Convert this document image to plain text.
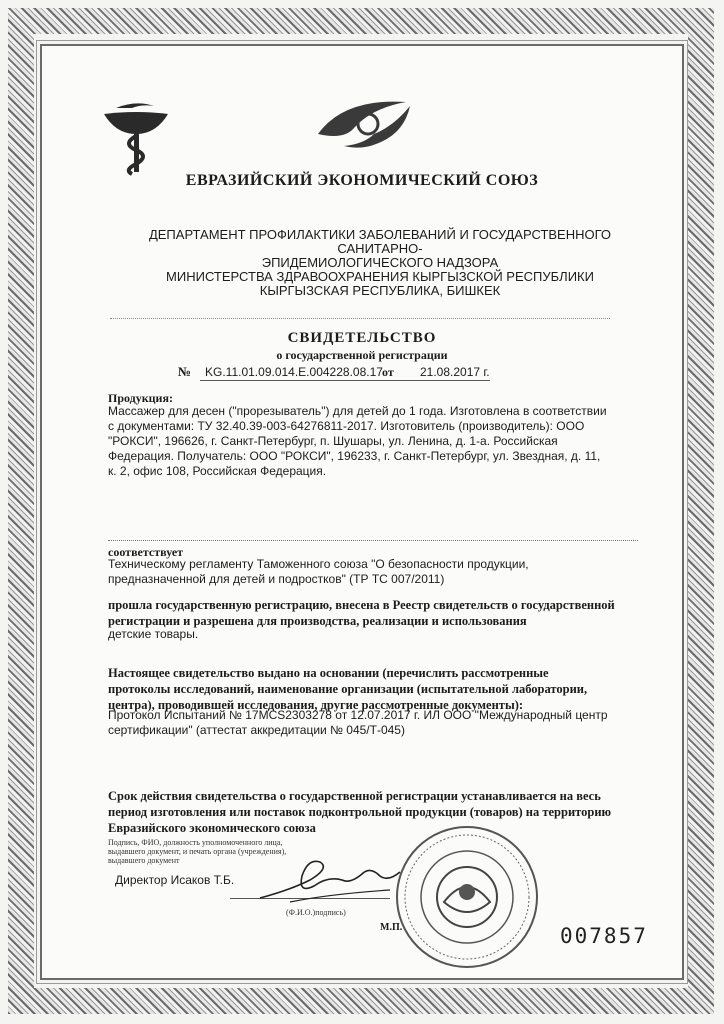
ЕВРАЗИЙСКИЙ ЭКОНОМИЧЕСКИЙ СОЮЗ
ДЕПАРТАМЕНТ ПРОФИЛАКТИКИ ЗАБОЛЕВАНИЙ И ГОСУДАРСТВЕННОГО САНИТАРНО-
ЭПИДЕМИОЛОГИЧЕСКОГО НАДЗОРА
МИНИСТЕРСТВА ЗДРАВООХРАНЕНИЯ КЫРГЫЗСКОЙ РЕСПУБЛИКИ
КЫРГЫЗСКАЯ РЕСПУБЛИКА, БИШКЕК
СВИДЕТЕЛЬСТВО
о государственной регистрации
№ KG.11.01.09.014.E.004228.08.17 от 21.08.2017 г.
Продукция:
Массажер для десен ("прорезыватель") для детей до 1 года. Изготовлена в соответствии
с документами: ТУ 32.40.39-003-64276811-2017. Изготовитель (производитель): ООО
"РОКСИ", 196626, г. Санкт-Петербург, п. Шушары, ул. Ленина, д. 1-а. Российская
Федерация. Получатель: ООО "РОКСИ", 196233, г. Санкт-Петербург, ул. Звездная, д. 11,
к. 2, офис 108, Российская Федерация.
соответствует
Техническому регламенту Таможенного союза "О безопасности продукции,
предназначенной для детей и подростков" (ТР ТС 007/2011)
прошла государственную регистрацию, внесена в Реестр свидетельств о государственной
регистрации и разрешена для производства, реализации и использования
детские товары.
Настоящее свидетельство выдано на основании (перечислить рассмотренные
протоколы исследований, наименование организации (испытательной лаборатории,
центра), проводившей исследования, другие рассмотренные документы):
Протокол Испытаний № 17MCS2303278 от 12.07.2017 г. ИЛ ООО "Международный центр
сертификации" (аттестат аккредитации № 045/Т-045)
Срок действия свидетельства о государственной регистрации устанавливается на весь
период изготовления или поставок подконтрольной продукции (товаров) на территорию
Евразийского экономического союза
Подпись, ФИО, должность уполномоченного лица,
выдавшего документ, и печать органа (учреждения),
выдавшего документ
Директор Исаков Т.Б.
(Ф.И.О.)подпись)
М.П.	007857
